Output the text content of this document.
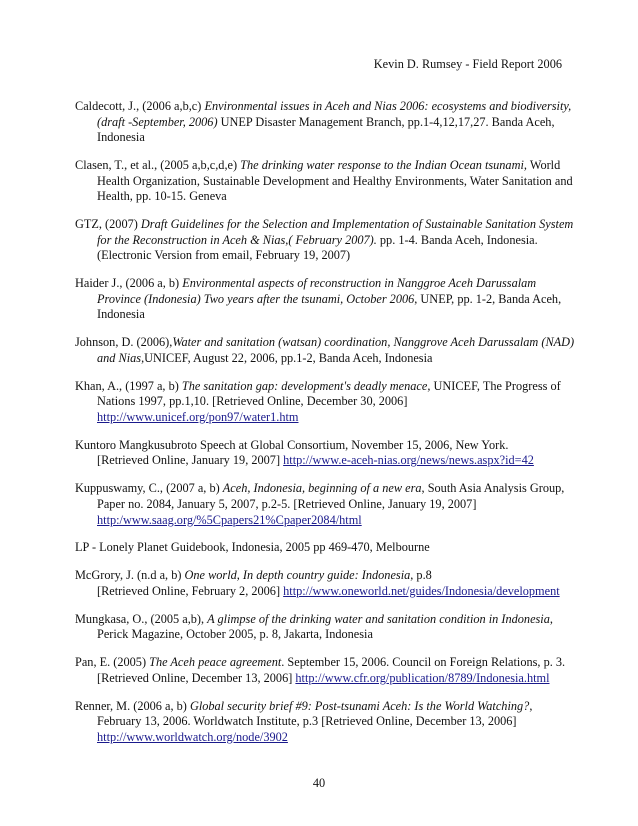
Kevin D. Rumsey - Field Report 2006

Caldecott, J., (2006 a,b,c) Environmental issues in Aceh and Nias 2006: ecosystems and biodiversity, (draft -September, 2006) UNEP Disaster Management Branch, pp.1-4,12,17,27. Banda Aceh, Indonesia

Clasen, T., et al., (2005 a,b,c,d,e) The drinking water response to the Indian Ocean tsunami, World Health Organization, Sustainable Development and Healthy Environments, Water Sanitation and Health, pp. 10-15. Geneva

GTZ, (2007) Draft Guidelines for the Selection and Implementation of Sustainable Sanitation System for the Reconstruction in Aceh & Nias,( February 2007). pp. 1-4. Banda Aceh, Indonesia. (Electronic Version from email, February 19, 2007)

Haider J., (2006 a, b) Environmental aspects of reconstruction in Nanggroe Aceh Darussalam Province (Indonesia) Two years after the tsunami, October 2006, UNEP, pp. 1-2, Banda Aceh, Indonesia

Johnson, D. (2006),Water and sanitation (watsan) coordination, Nanggrove Aceh Darussalam (NAD) and Nias,UNICEF, August 22, 2006, pp.1-2, Banda Aceh, Indonesia

Khan, A., (1997 a, b) The sanitation gap: development's deadly menace, UNICEF, The Progress of Nations 1997, pp.1,10. [Retrieved Online, December 30, 2006] http://www.unicef.org/pon97/water1.htm

Kuntoro Mangkusubroto Speech at Global Consortium, November 15, 2006, New York.
[Retrieved Online, January 19, 2007] http://www.e-aceh-nias.org/news/news.aspx?id=42

Kuppuswamy, C., (2007 a, b) Aceh, Indonesia, beginning of a new era, South Asia Analysis Group, Paper no. 2084, January 5, 2007, p.2-5. [Retrieved Online, January 19, 2007] http:/www.saag.org/%5Cpapers21%Cpaper2084/html

LP - Lonely Planet Guidebook, Indonesia, 2005 pp 469-470, Melbourne

McGrory, J. (n.d a, b) One world, In depth country guide: Indonesia, p.8
[Retrieved Online, February 2, 2006] http://www.oneworld.net/guides/Indonesia/development

Mungkasa, O., (2005 a,b), A glimpse of the drinking water and sanitation condition in Indonesia, Perick Magazine, October 2005, p. 8, Jakarta, Indonesia

Pan, E. (2005) The Aceh peace agreement. September 15, 2006. Council on Foreign Relations, p. 3. [Retrieved Online, December 13, 2006] http://www.cfr.org/publication/8789/Indonesia.html

Renner, M. (2006 a, b) Global security brief #9: Post-tsunami Aceh: Is the World Watching?, February 13, 2006. Worldwatch Institute, p.3 [Retrieved Online, December 13, 2006] http://www.worldwatch.org/node/3902

40
